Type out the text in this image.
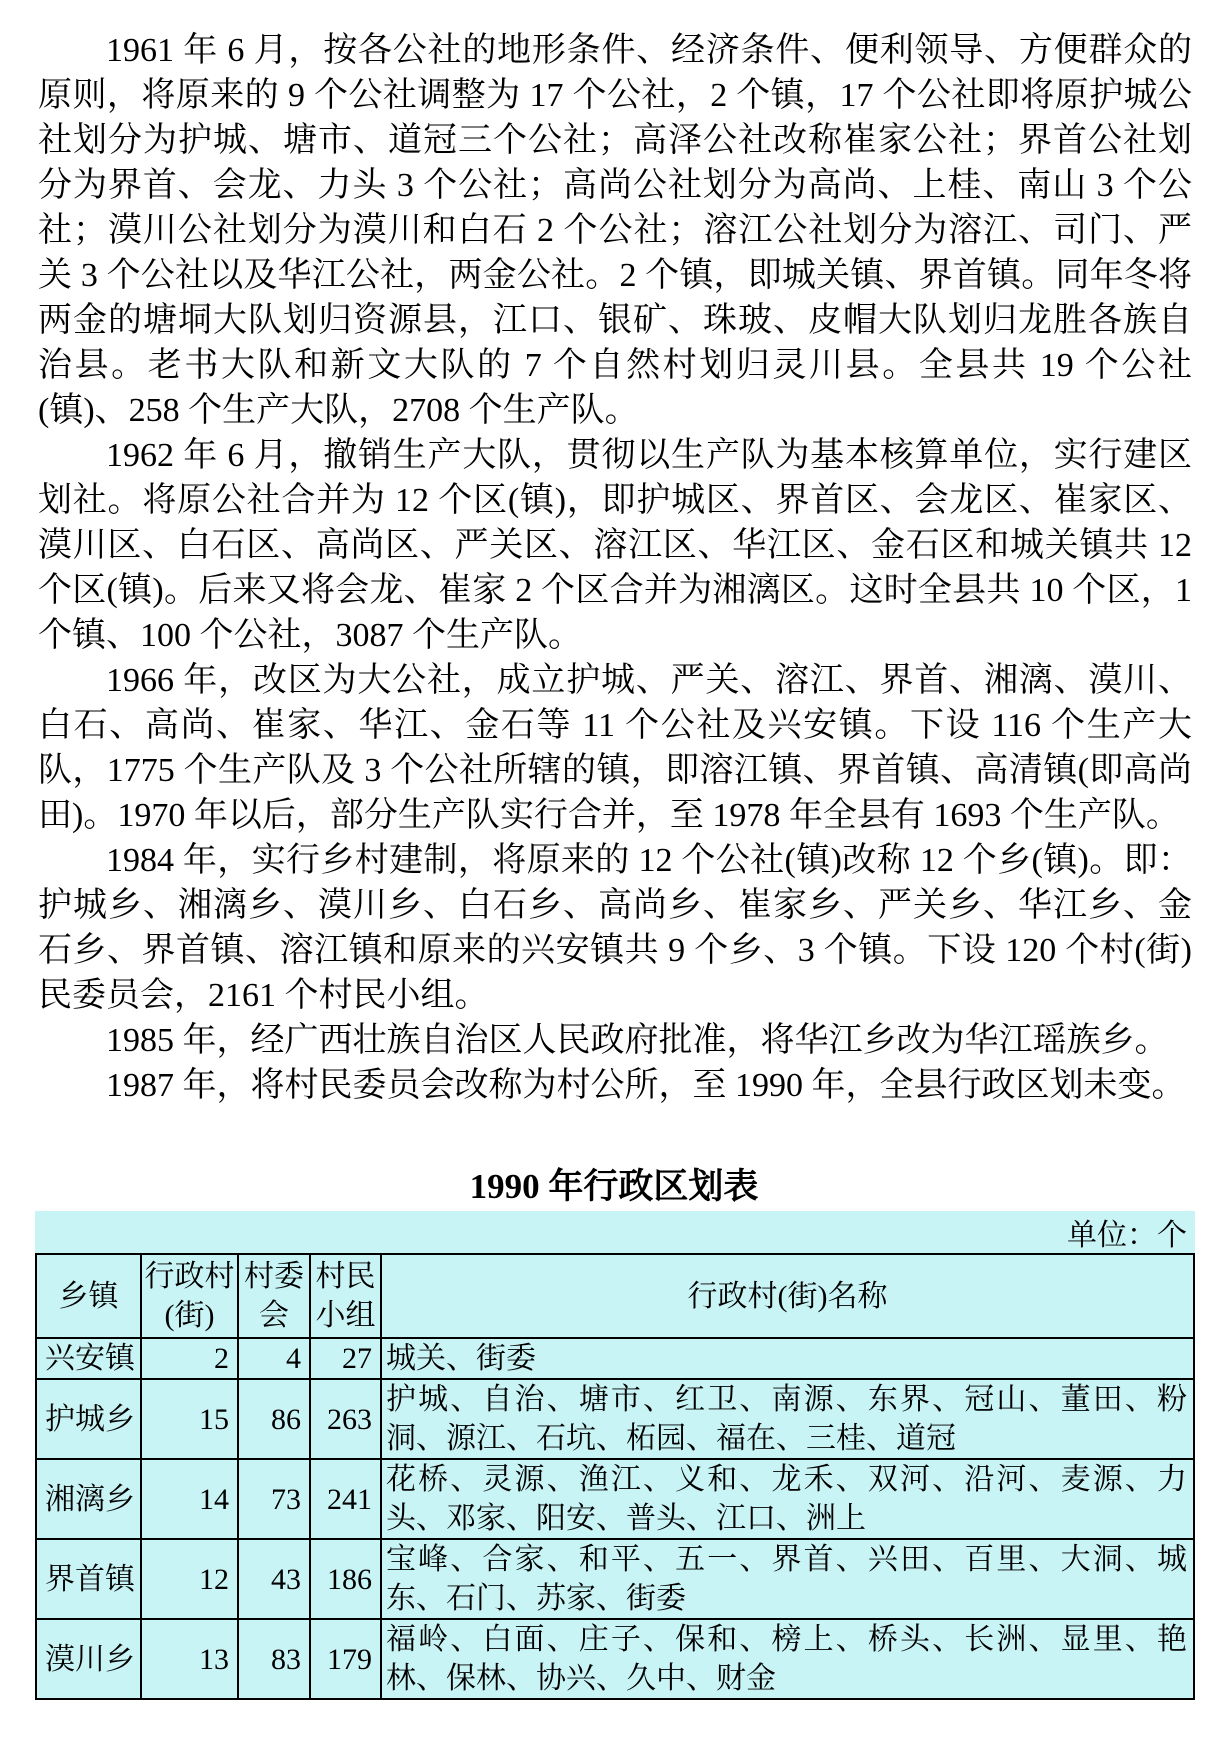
1961 年 6 月，按各公社的地形条件、经济条件、便利领导、方便群众的原则，将原来的 9 个公社调整为 17 个公社，2 个镇，17 个公社即将原护城公社划分为护城、塘市、道冠三个公社；高泽公社改称崔家公社；界首公社划分为界首、会龙、力头 3 个公社；高尚公社划分为高尚、上桂、南山 3 个公社；漠川公社划分为漠川和白石 2 个公社；溶江公社划分为溶江、司门、严关 3 个公社以及华江公社，两金公社。2 个镇，即城关镇、界首镇。同年冬将两金的塘垌大队划归资源县，江口、银矿、珠玻、皮帽大队划归龙胜各族自治县。老书大队和新文大队的 7 个自然村划归灵川县。全县共 19 个公社(镇)、258 个生产大队，2708 个生产队。

1962 年 6 月，撤销生产大队，贯彻以生产队为基本核算单位，实行建区划社。将原公社合并为 12 个区(镇)，即护城区、界首区、会龙区、崔家区、漠川区、白石区、高尚区、严关区、溶江区、华江区、金石区和城关镇共 12 个区(镇)。后来又将会龙、崔家 2 个区合并为湘漓区。这时全县共 10 个区，1 个镇、100 个公社，3087 个生产队。

1966 年，改区为大公社，成立护城、严关、溶江、界首、湘漓、漠川、白石、高尚、崔家、华江、金石等 11 个公社及兴安镇。下设 116 个生产大队，1775 个生产队及 3 个公社所辖的镇，即溶江镇、界首镇、高清镇(即高尚田)。1970 年以后，部分生产队实行合并，至 1978 年全县有 1693 个生产队。

1984 年，实行乡村建制，将原来的 12 个公社(镇)改称 12 个乡(镇)。即：护城乡、湘漓乡、漠川乡、白石乡、高尚乡、崔家乡、严关乡、华江乡、金石乡、界首镇、溶江镇和原来的兴安镇共 9 个乡、3 个镇。下设 120 个村(街)民委员会，2161 个村民小组。

1985 年，经广西壮族自治区人民政府批准，将华江乡改为华江瑶族乡。

1987 年，将村民委员会改称为村公所，至 1990 年，全县行政区划未变。

1990 年行政区划表
单位：个
乡镇	行政村(街)	村委会	村民小组	行政村(街)名称
兴安镇	2	4	27	城关、街委
护城乡	15	86	263	护城、自治、塘市、红卫、南源、东界、冠山、董田、粉洞、源江、石坑、柘园、福在、三桂、道冠
湘漓乡	14	73	241	花桥、灵源、渔江、义和、龙禾、双河、沿河、麦源、力头、邓家、阳安、普头、江口、洲上
界首镇	12	43	186	宝峰、合家、和平、五一、界首、兴田、百里、大洞、城东、石门、苏家、街委
漠川乡	13	83	179	福岭、白面、庄子、保和、榜上、桥头、长洲、显里、艳林、保林、协兴、久中、财金
